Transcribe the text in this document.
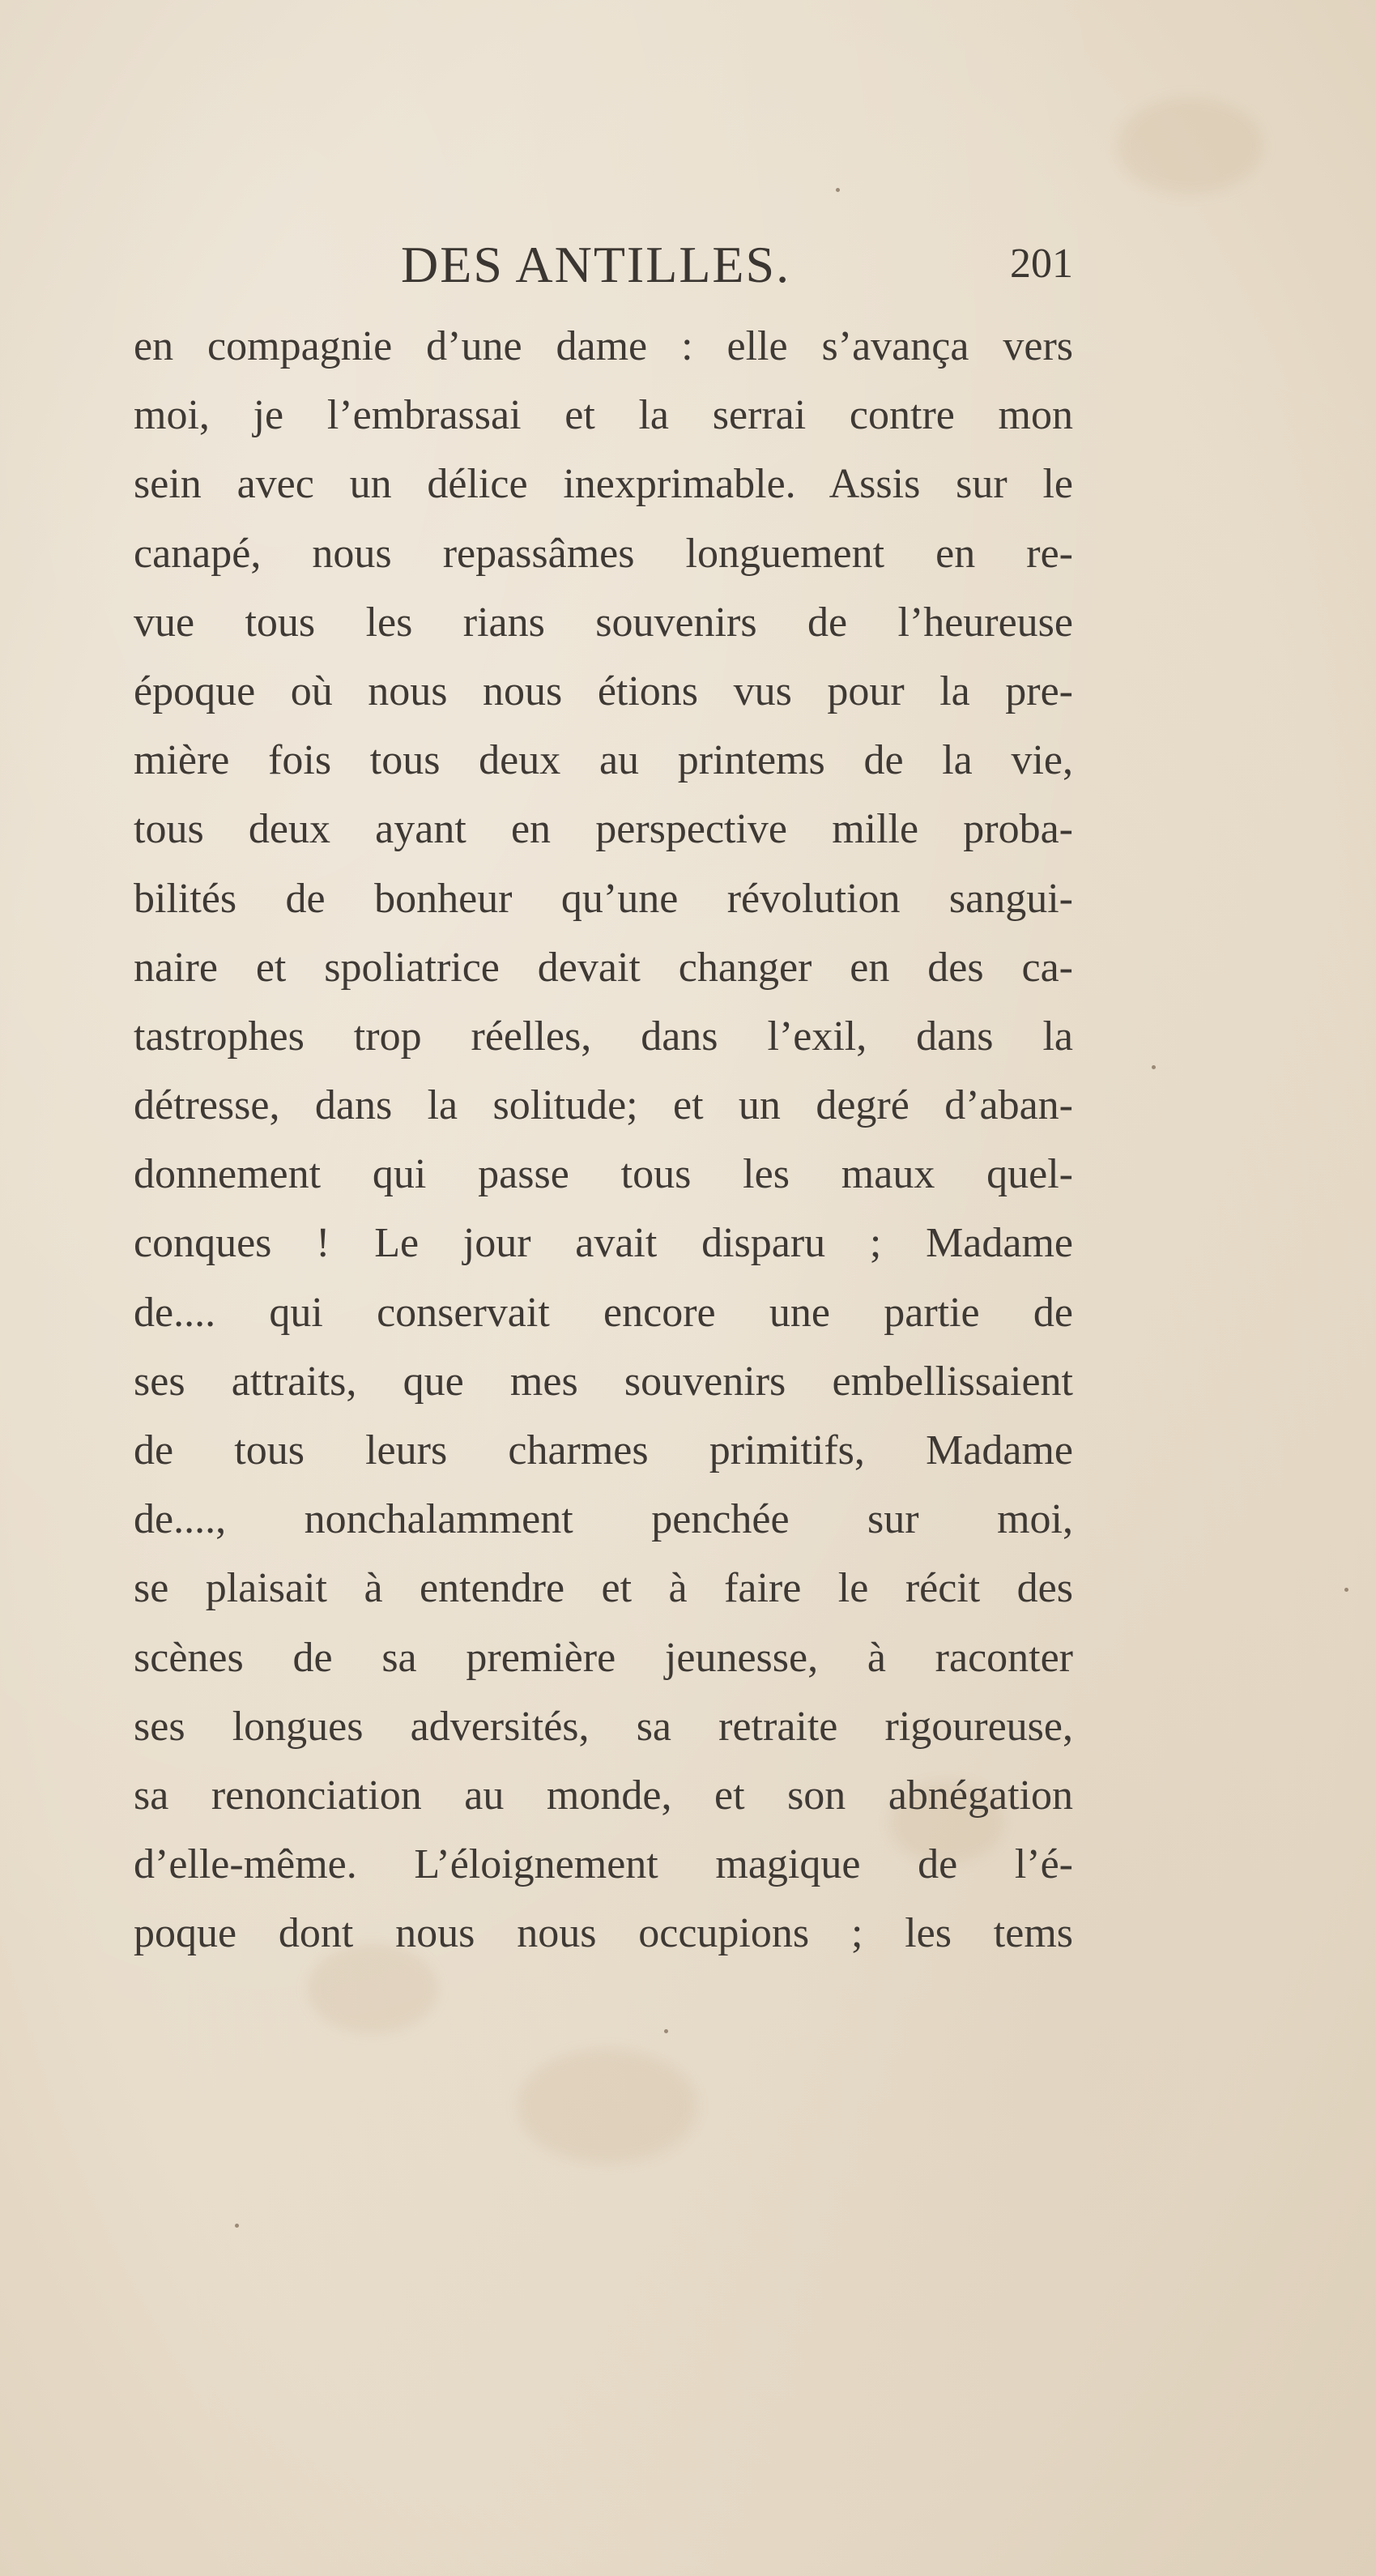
DES ANTILLES.	201
en compagnie d’une dame : elle s’avança vers
moi, je l’embrassai et la serrai contre mon
sein avec un délice inexprimable. Assis sur le
canapé, nous repassâmes longuement en re-
vue tous les rians souvenirs de l’heureuse
époque où nous nous étions vus pour la pre-
mière fois tous deux au printems de la vie,
tous deux ayant en perspective mille proba-
bilités de bonheur qu’une révolution sangui-
naire et spoliatrice devait changer en des ca-
tastrophes trop réelles, dans l’exil, dans la
détresse, dans la solitude; et un degré d’aban-
donnement qui passe tous les maux quel-
conques ! Le jour avait disparu ; Madame
de.... qui conservait encore une partie de
ses attraits, que mes souvenirs embellissaient
de tous leurs charmes primitifs, Madame
de...., nonchalamment penchée sur moi,
se plaisait à entendre et à faire le récit des
scènes de sa première jeunesse, à raconter
ses longues adversités, sa retraite rigoureuse,
sa renonciation au monde, et son abnégation
d’elle-même. L’éloignement magique de l’é-
poque dont nous nous occupions ; les tems
